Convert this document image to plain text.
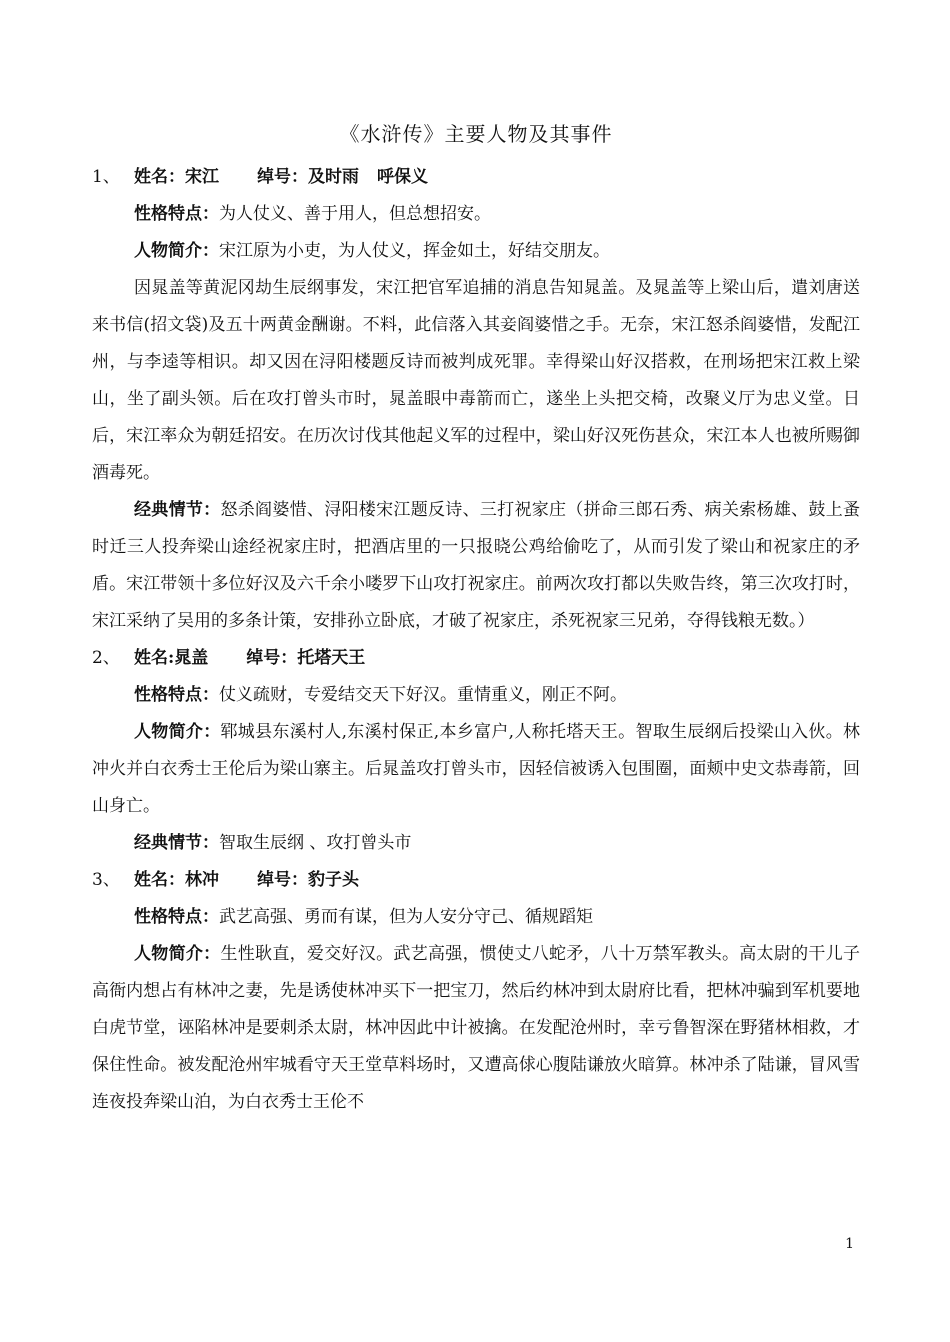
《水浒传》主要人物及其事件

1、 姓名： 宋江 绰号： 及时雨 呼保义

性格特点：为人仗义、善于用人，但总想招安。

人物简介：宋江原为小吏，为人仗义，挥金如土，好结交朋友。

因晁盖等黄泥冈劫生辰纲事发，宋江把官军追捕的消息告知晁盖。及晁盖等上梁山后，遣刘唐送来书信(招文袋)及五十两黄金酬谢。不料，此信落入其妾阎婆惜之手。无奈，宋江怒杀阎婆惜，发配江州，与李逵等相识。却又因在浔阳楼题反诗而被判成死罪。幸得梁山好汉搭救，在刑场把宋江救上梁山，坐了副头领。后在攻打曾头市时，晁盖眼中毒箭而亡，遂坐上头把交椅，改聚义厅为忠义堂。日后，宋江率众为朝廷招安。在历次讨伐其他起义军的过程中，梁山好汉死伤甚众，宋江本人也被所赐御酒毒死。

经典情节：怒杀阎婆惜、浔阳楼宋江题反诗、三打祝家庄（拼命三郎石秀、病关索杨雄、鼓上蚤时迁三人投奔梁山途经祝家庄时，把酒店里的一只报晓公鸡给偷吃了，从而引发了梁山和祝家庄的矛盾。宋江带领十多位好汉及六千余小喽罗下山攻打祝家庄。前两次攻打都以失败告终，第三次攻打时，宋江采纳了吴用的多条计策，安排孙立卧底，才破了祝家庄，杀死祝家三兄弟，夺得钱粮无数。）

2、 姓名: 晁盖 绰号： 托塔天王

性格特点：仗义疏财，专爱结交天下好汉。重情重义，刚正不阿。

人物简介：郓城县东溪村人,东溪村保正,本乡富户,人称托塔天王。智取生辰纲后投梁山入伙。林冲火并白衣秀士王伦后为梁山寨主。后晁盖攻打曾头市，因轻信被诱入包围圈，面颊中史文恭毒箭，回山身亡。

经典情节：智取生辰纲 、攻打曾头市

3、 姓名： 林冲 绰号： 豹子头

性格特点：武艺高强、勇而有谋，但为人安分守己、循规蹈矩

人物简介：生性耿直，爱交好汉。武艺高强，惯使丈八蛇矛，八十万禁军教头。高太尉的干儿子高衙内想占有林冲之妻，先是诱使林冲买下一把宝刀，然后约林冲到太尉府比看，把林冲骗到军机要地白虎节堂，诬陷林冲是要刺杀太尉，林冲因此中计被擒。在发配沧州时，幸亏鲁智深在野猪林相救，才保住性命。被发配沧州牢城看守天王堂草料场时，又遭高俅心腹陆谦放火暗算。林冲杀了陆谦，冒风雪连夜投奔梁山泊，为白衣秀士王伦不

1
